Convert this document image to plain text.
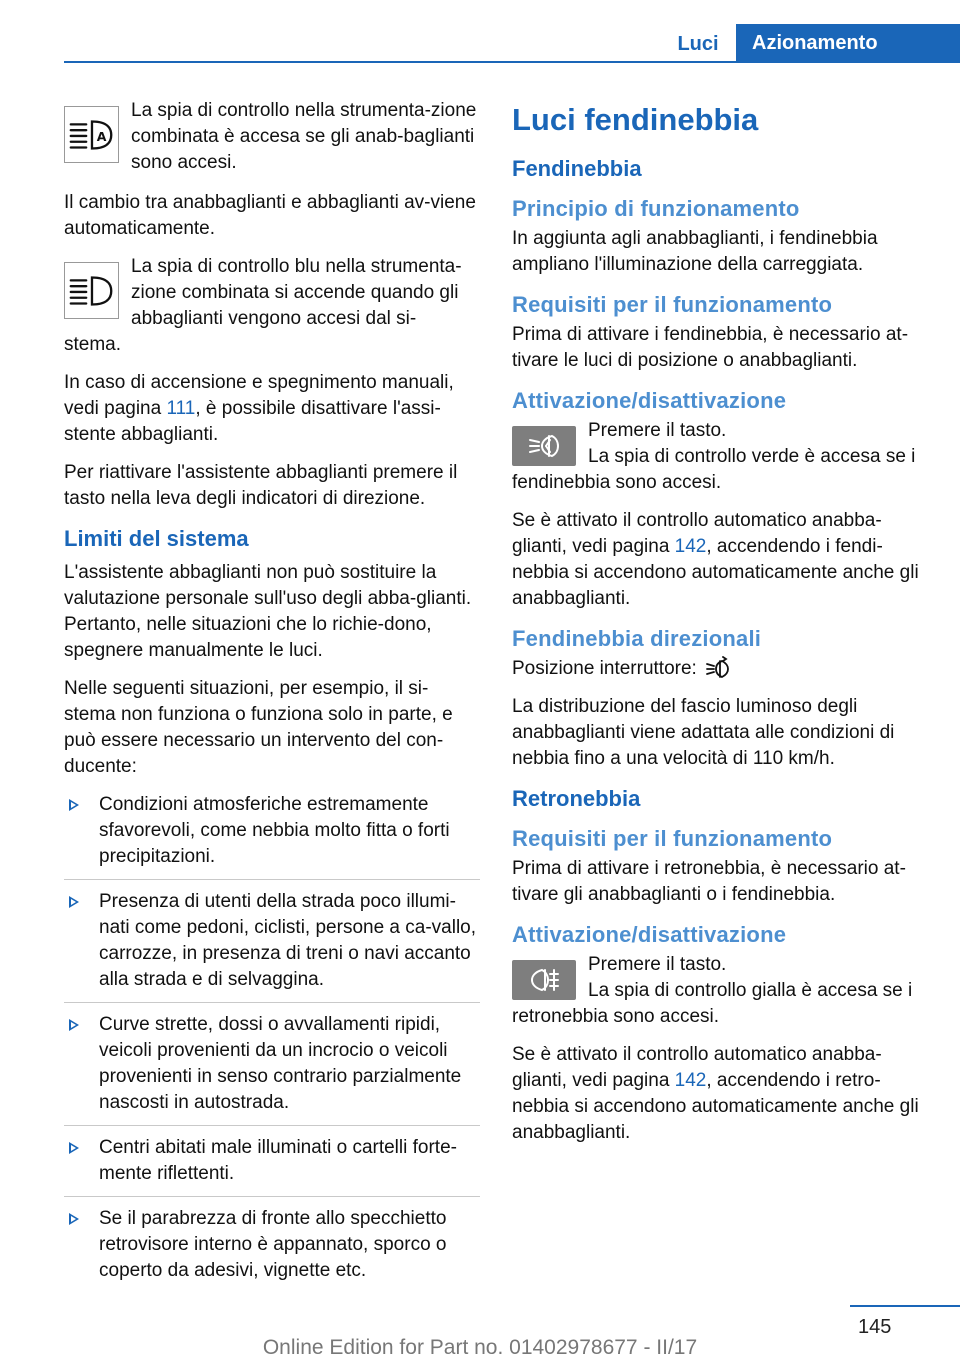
Luci	Azionamento
A
La spia di controllo nella strumenta-zione combinata è accesa se gli anab-baglianti sono accesi.

Il cambio tra anabbaglianti e abbaglianti av-viene automaticamente.

La spia di controllo blu nella strumenta-zione combinata si accende quando gli abbaglianti vengono accesi dal si-
stema.

In caso di accensione e spegnimento manuali, vedi pagina 111, è possibile disattivare l'assi-stente abbaglianti.

Per riattivare l'assistente abbaglianti premere il tasto nella leva degli indicatori di direzione.

Limiti del sistema

L'assistente abbaglianti non può sostituire la valutazione personale sull'uso degli abba-glianti. Pertanto, nelle situazioni che lo richie-dono, spegnere manualmente le luci.

Nelle seguenti situazioni, per esempio, il si-stema non funziona o funziona solo in parte, e può essere necessario un intervento del con-ducente:

Condizioni atmosferiche estremamente sfavorevoli, come nebbia molto fitta o forti precipitazioni.
Presenza di utenti della strada poco illumi-nati come pedoni, ciclisti, persone a ca-vallo, carrozze, in presenza di treni o navi accanto alla strada e di selvaggina.
Curve strette, dossi o avvallamenti ripidi, veicoli provenienti da un incrocio o veicoli provenienti in senso contrario parzialmente nascosti in autostrada.
Centri abitati male illuminati o cartelli forte-mente riflettenti.
Se il parabrezza di fronte allo specchietto retrovisore interno è appannato, sporco o coperto da adesivi, vignette etc.
Luci fendinebbia
Fendinebbia
Principio di funzionamento

In aggiunta agli anabbaglianti, i fendinebbia ampliano l'illuminazione della carreggiata.

Requisiti per il funzionamento

Prima di attivare i fendinebbia, è necessario at-tivare le luci di posizione o anabbaglianti.

Attivazione/disattivazione
Premere il tasto.
La spia di controllo verde è accesa se i
fendinebbia sono accesi.

Se è attivato il controllo automatico anabba-glianti, vedi pagina 142, accendendo i fendi-nebbia si accendono automaticamente anche gli anabbaglianti.

Fendinebbia direzionali

Posizione interruttore:

La distribuzione del fascio luminoso degli anabbaglianti viene adattata alle condizioni di nebbia fino a una velocità di 110 km/h.

Retronebbia
Requisiti per il funzionamento

Prima di attivare i retronebbia, è necessario at-tivare gli anabbaglianti o i fendinebbia.

Attivazione/disattivazione
Premere il tasto.
La spia di controllo gialla è accesa se i
retronebbia sono accesi.

Se è attivato il controllo automatico anabba-glianti, vedi pagina 142, accendendo i retro-nebbia si accendono automaticamente anche gli anabbaglianti.

145
Online Edition for Part no. 01402978677 - II/17
